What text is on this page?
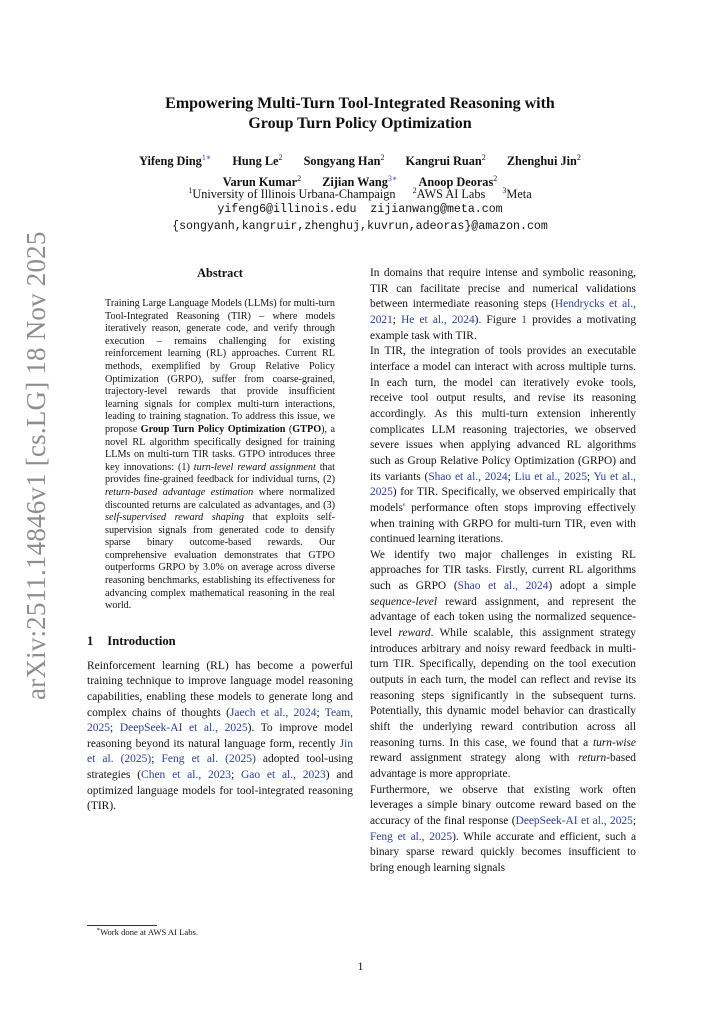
arXiv:2511.14846v1 [cs.LG] 18 Nov 2025
Empowering Multi-Turn Tool-Integrated Reasoning with
Group Turn Policy Optimization
Yifeng Ding$^{1∗}$ Hung Le$^2$ Songyang Han$^2$ Kangrui Ruan$^2$ Zhenghui Jin$^2$
Varun Kumar$^2$ Zijian Wang$^{3∗}$ Anoop Deoras$^2$
$^1$University of Illinois Urbana-Champaign $^2$AWS AI Labs $^3$Meta
yifeng6@illinois.edu  zijianwang@meta.com
{songyanh,kangruir,zhenghuj,kuvrun,adeoras}@amazon.com
Abstract

Training Large Language Models (LLMs) for multi-turn Tool-Integrated Reasoning (TIR) – where models iteratively reason, generate code, and verify through execution – remains challenging for existing reinforcement learning (RL) approaches. Current RL methods, exemplified by Group Relative Policy Optimization (GRPO), suffer from coarse-grained, trajectory-level rewards that provide insufficient learning signals for complex multi-turn interactions, leading to training stagnation. To address this issue, we propose Group Turn Policy Optimization (GTPO), a novel RL algorithm specifically designed for training LLMs on multi-turn TIR tasks. GTPO introduces three key innovations: (1) turn-level reward assignment that provides fine-grained feedback for individual turns, (2) return-based advantage estimation where normalized discounted returns are calculated as advantages, and (3) self-supervised reward shaping that exploits self-supervision signals from generated code to densify sparse binary outcome-based rewards. Our comprehensive evaluation demonstrates that GTPO outperforms GRPO by 3.0% on average across diverse reasoning benchmarks, establishing its effectiveness for advancing complex mathematical reasoning in the real world.

1 Introduction

Reinforcement learning (RL) has become a powerful training technique to improve language model reasoning capabilities, enabling these models to generate long and complex chains of thoughts (Jaech et al., 2024; Team, 2025; DeepSeek-AI et al., 2025). To improve model reasoning beyond its natural language form, recently Jin et al. (2025); Feng et al. (2025) adopted tool-using strategies (Chen et al., 2023; Gao et al., 2023) and optimized language models for tool-integrated reasoning (TIR).

In domains that require intense and symbolic reasoning, TIR can facilitate precise and numerical validations between intermediate reasoning steps (Hendrycks et al., 2021; He et al., 2024). Figure 1 provides a motivating example task with TIR.

In TIR, the integration of tools provides an executable interface a model can interact with across multiple turns. In each turn, the model can iteratively evoke tools, receive tool output results, and revise its reasoning accordingly. As this multi-turn extension inherently complicates LLM reasoning trajectories, we observed severe issues when applying advanced RL algorithms such as Group Relative Policy Optimization (GRPO) and its variants (Shao et al., 2024; Liu et al., 2025; Yu et al., 2025) for TIR. Specifically, we observed empirically that models' performance often stops improving effectively when training with GRPO for multi-turn TIR, even with continued learning iterations.

We identify two major challenges in existing RL approaches for TIR tasks. Firstly, current RL algorithms such as GRPO (Shao et al., 2024) adopt a simple sequence-level reward assignment, and represent the advantage of each token using the normalized sequence-level reward. While scalable, this assignment strategy introduces arbitrary and noisy reward feedback in multi-turn TIR. Specifically, depending on the tool execution outputs in each turn, the model can reflect and revise its reasoning steps significantly in the subsequent turns. Potentially, this dynamic model behavior can drastically shift the underlying reward contribution across all reasoning turns. In this case, we found that a turn-wise reward assignment strategy along with return-based advantage is more appropriate.

Furthermore, we observe that existing work often leverages a simple binary outcome reward based on the accuracy of the final response (DeepSeek-AI et al., 2025; Feng et al., 2025). While accurate and efficient, such a binary sparse reward quickly becomes insufficient to bring enough learning signals

∗Work done at AWS AI Labs.
1
